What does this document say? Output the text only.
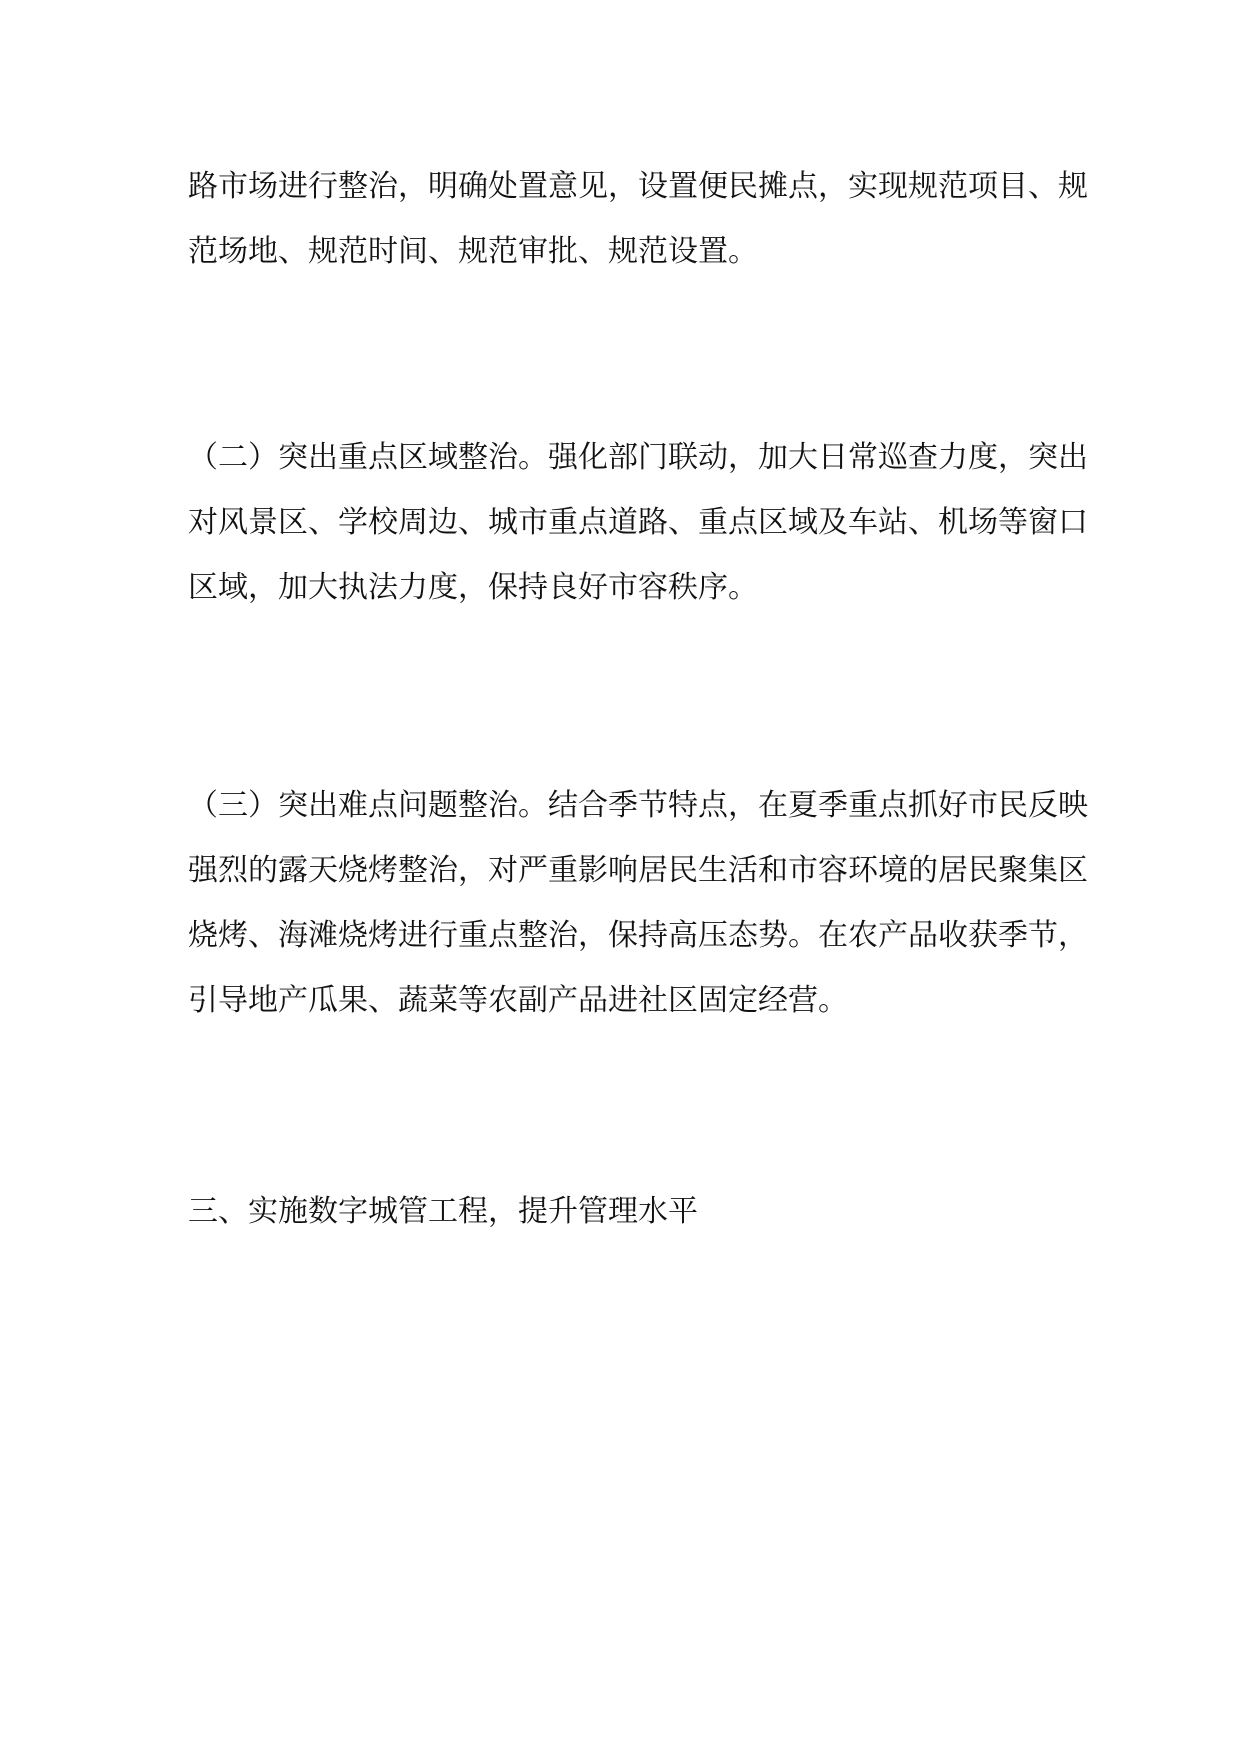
路市场进行整治，明确处置意见，设置便民摊点，实现规范项目、规
范场地、规范时间、规范审批、规范设置。
（二）突出重点区域整治。强化部门联动，加大日常巡查力度，突出
对风景区、学校周边、城市重点道路、重点区域及车站、机场等窗口
区域，加大执法力度，保持良好市容秩序。
（三）突出难点问题整治。结合季节特点，在夏季重点抓好市民反映
强烈的露天烧烤整治，对严重影响居民生活和市容环境的居民聚集区
烧烤、海滩烧烤进行重点整治，保持高压态势。在农产品收获季节，
引导地产瓜果、蔬菜等农副产品进社区固定经营。
三、实施数字城管工程，提升管理水平
